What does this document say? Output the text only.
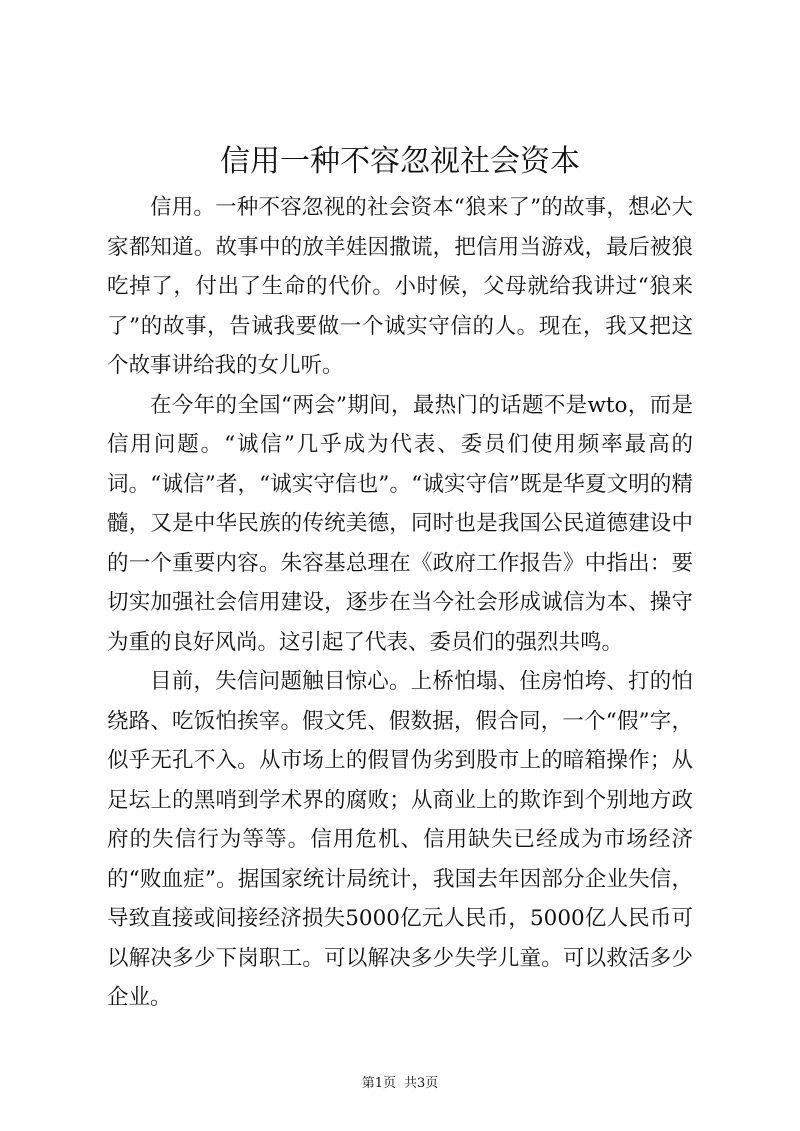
信用一种不容忽视社会资本

信用。一种不容忽视的社会资本“狼来了”的故事，想必大家都知道。故事中的放羊娃因撒谎，把信用当游戏，最后被狼吃掉了，付出了生命的代价。小时候，父母就给我讲过“狼来了”的故事，告诫我要做一个诚实守信的人。现在，我又把这个故事讲给我的女儿听。

在今年的全国“两会”期间，最热门的话题不是wto，而是信用问题。“诚信”几乎成为代表、委员们使用频率最高的词。“诚信”者，“诚实守信也”。“诚实守信”既是华夏文明的精髓，又是中华民族的传统美德，同时也是我国公民道德建设中的一个重要内容。朱容基总理在《政府工作报告》中指出：要切实加强社会信用建设，逐步在当今社会形成诚信为本、操守为重的良好风尚。这引起了代表、委员们的强烈共鸣。

目前，失信问题触目惊心。上桥怕塌、住房怕垮、打的怕绕路、吃饭怕挨宰。假文凭、假数据，假合同，一个“假”字，似乎无孔不入。从市场上的假冒伪劣到股市上的暗箱操作；从足坛上的黑哨到学术界的腐败；从商业上的欺诈到个别地方政府的失信行为等等。信用危机、信用缺失已经成为市场经济的“败血症”。据国家统计局统计，我国去年因部分企业失信，导致直接或间接经济损失5000亿元人民币，5000亿人民币可以解决多少下岗职工。可以解决多少失学儿童。可以救活多少企业。

第1页 共3页
